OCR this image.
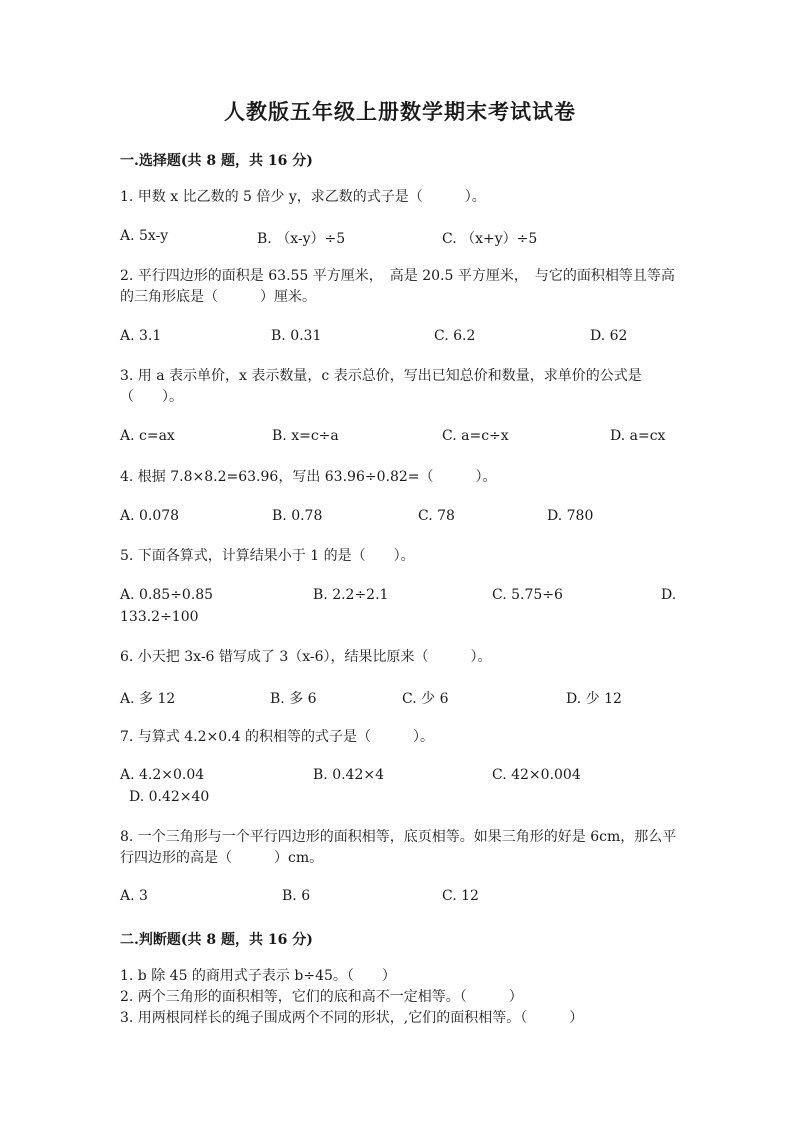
人教版五年级上册数学期末考试试卷
一.选择题(共 8 题，共 16 分)
1. 甲数 x 比乙数的 5 倍少 y，求乙数的式子是（　　　）。
A. 5x-y	B. （x-y）÷5	C. （x+y）÷5
2. 平行四边形的面积是 63.55 平方厘米，　高是 20.5 平方厘米，　与它的面积相等且等高的三角形底是（　　　）厘米。
A. 3.1	B. 0.31	C. 6.2	D. 62
3. 用 a 表示单价，x 表示数量，c 表示总价，写出已知总价和数量，求单价的公式是（　　）。
A. c=ax	B. x=c÷a	C. a=c÷x	D. a=cx
4. 根据 7.8×8.2=63.96，写出 63.96÷0.82=（　　　）。
A. 0.078	B. 0.78	C. 78	D. 780
5. 下面各算式，计算结果小于 1 的是（　　）。
A. 0.85÷0.85	B. 2.2÷2.1	C. 5.75÷6	D.
133.2÷100
6. 小天把 3x-6 错写成了 3（x-6），结果比原来（　　　）。
A. 多 12	B. 多 6	C. 少 6	D. 少 12
7. 与算式 4.2×0.4 的积相等的式子是（　　　）。
A. 4.2×0.04	B. 0.42×4	C. 42×0.004
D. 0.42×40
8. 一个三角形与一个平行四边形的面积相等，底页相等。如果三角形的好是 6cm，那么平行四边形的高是（　　　）cm。
A. 3	B. 6	C. 12
二.判断题(共 8 题，共 16 分)
1. b 除 45 的商用式子表示 b÷45。（　　）
2. 两个三角形的面积相等，它们的底和高不一定相等。（　　　）
3. 用两根同样长的绳子围成两个不同的形状，,它们的面积相等。（　　　）
